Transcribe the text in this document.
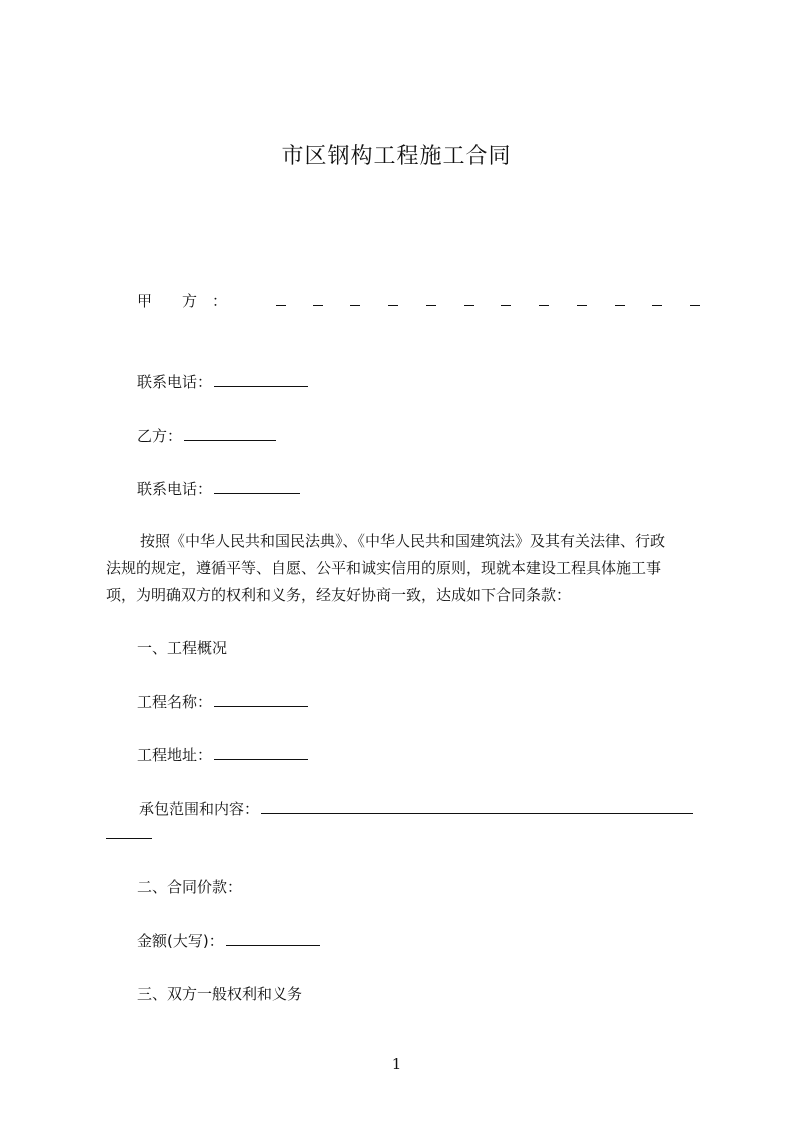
市区钢构工程施工合同
甲　　方　：
联系电话：
乙方：
联系电话：
按照《中华人民共和国民法典》、《中华人民共和国建筑法》及其有关法律、行政
法规的规定，遵循平等、自愿、公平和诚实信用的原则，现就本建设工程具体施工事
项，为明确双方的权利和义务，经友好协商一致，达成如下合同条款：
一、工程概况
工程名称：
工程地址：
承包范围和内容：
二、合同价款：
金额(大写)：
三、双方一般权利和义务
1
